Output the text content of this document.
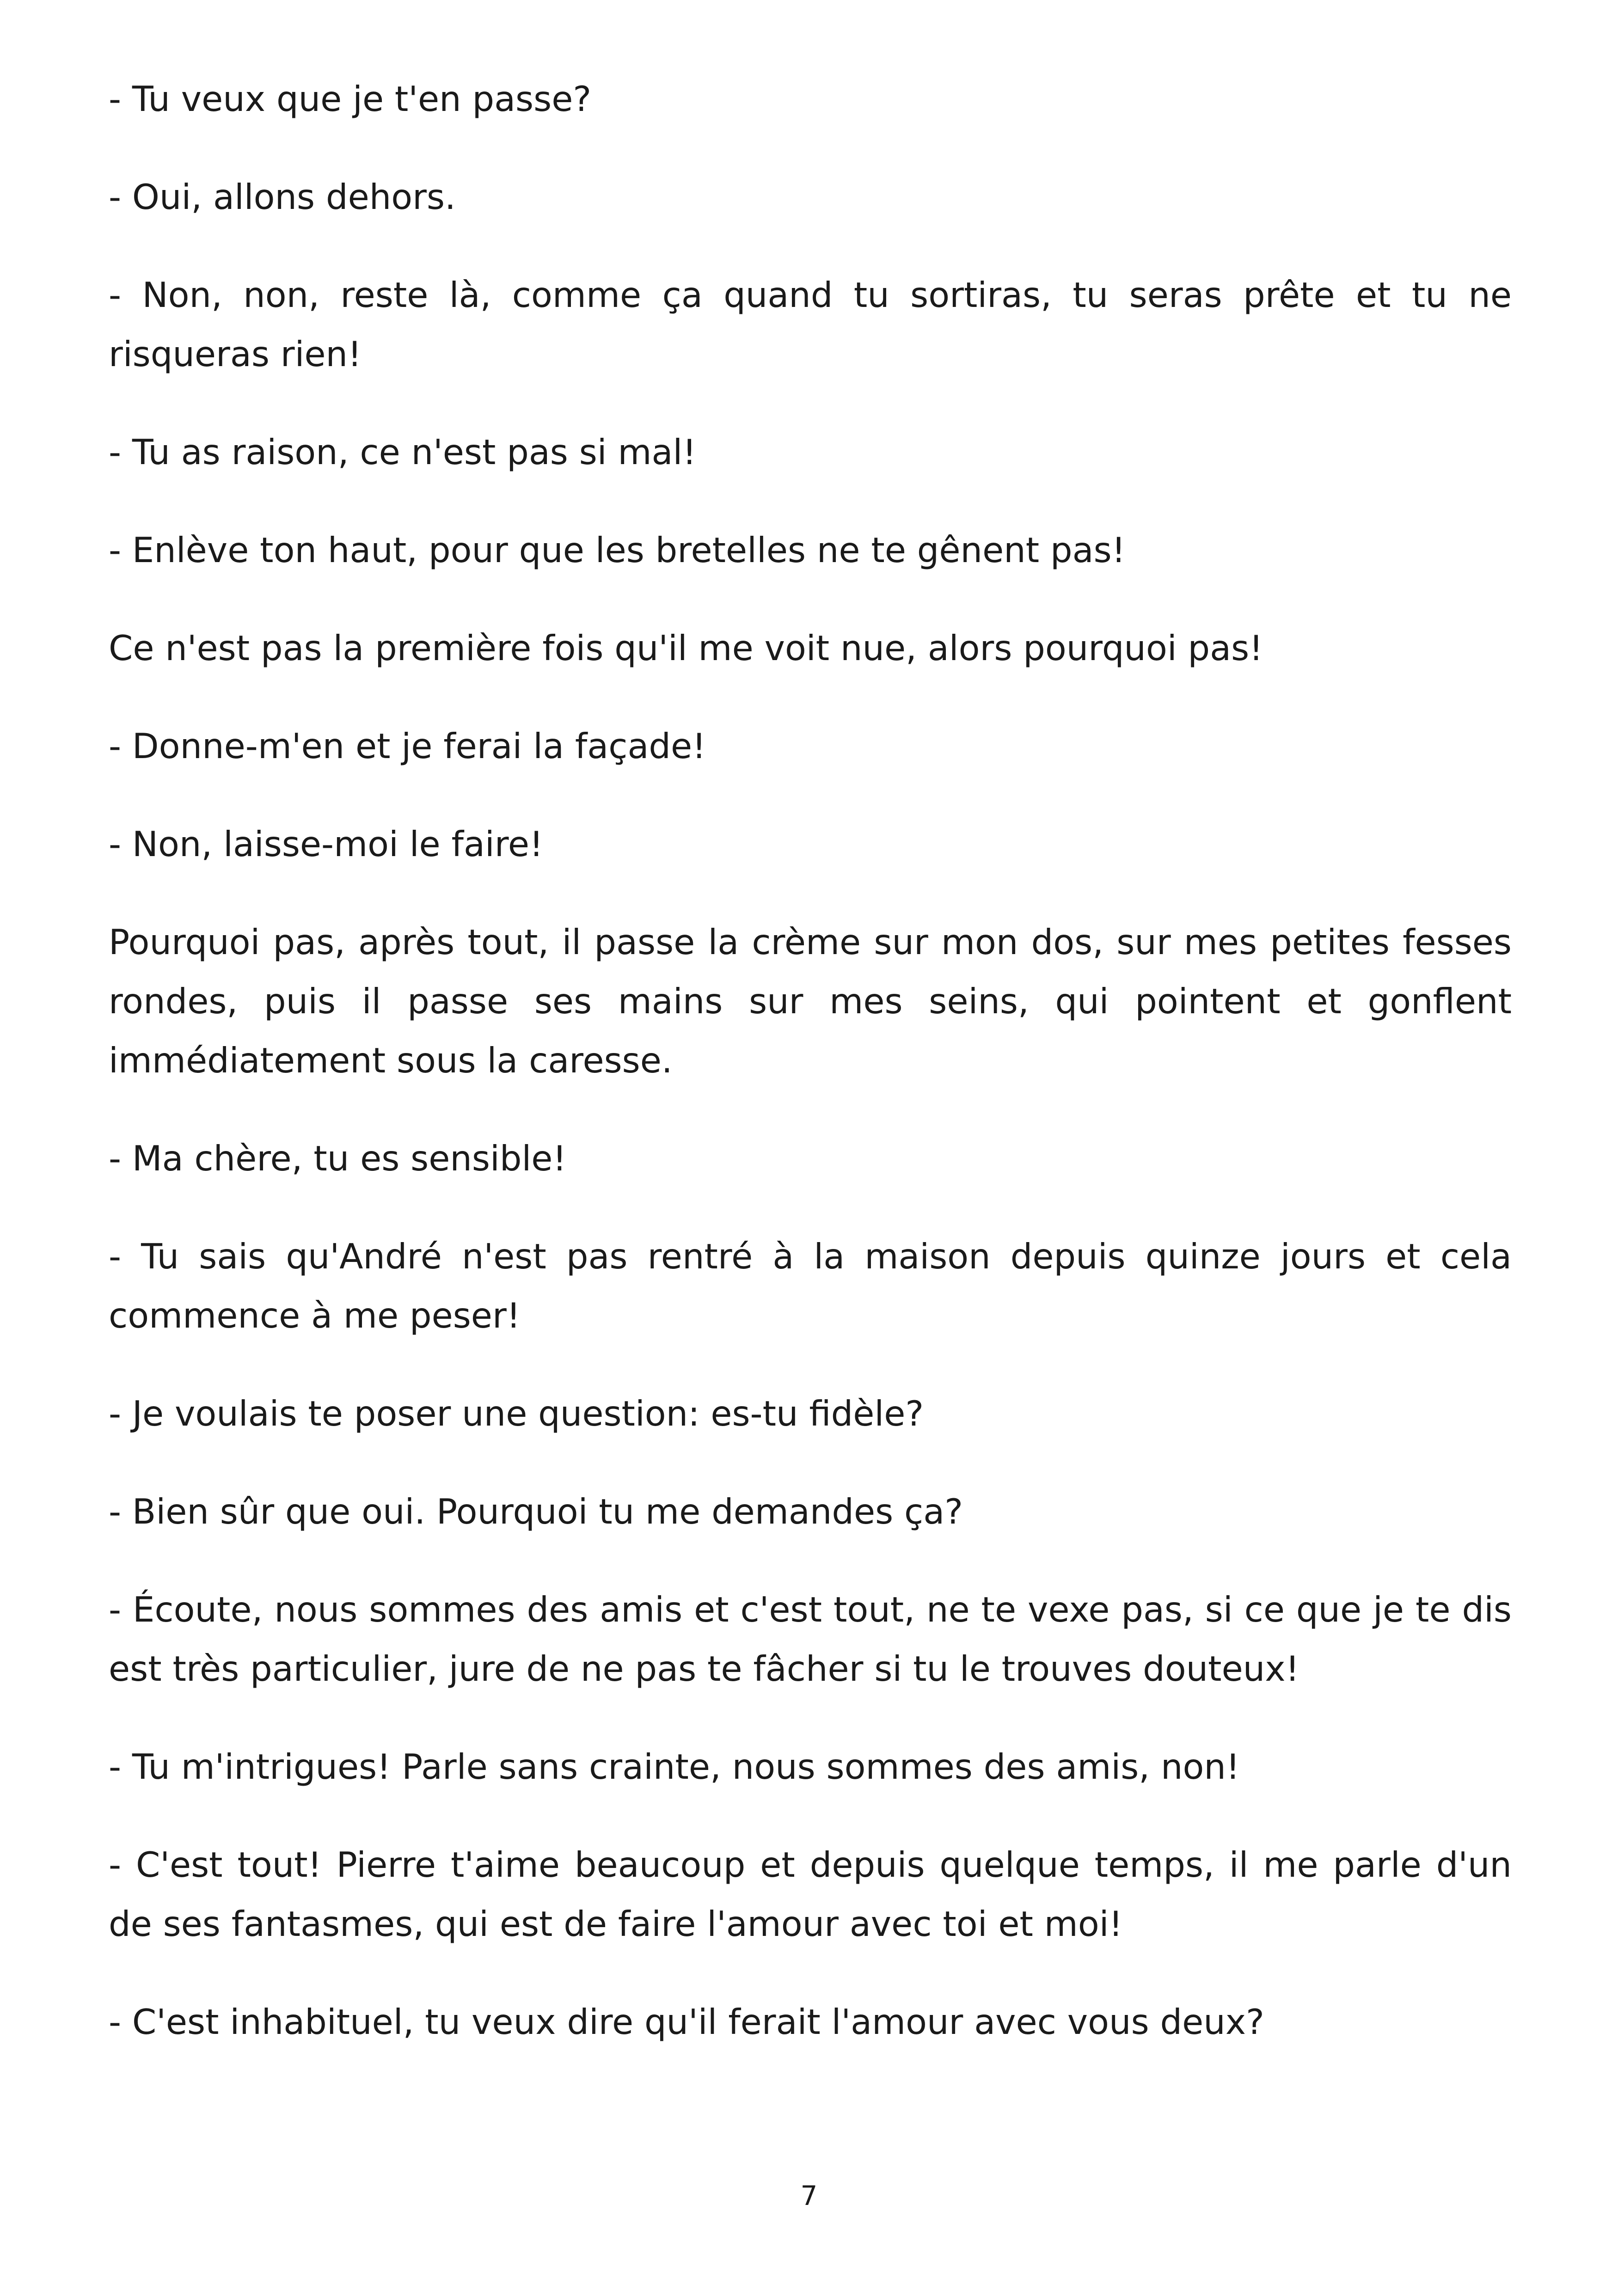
- Tu veux que je t'en passe?

- Oui, allons dehors.

- Non, non, reste là, comme ça quand tu sortiras, tu seras prête et tu ne risqueras rien!

- Tu as raison, ce n'est pas si mal!

- Enlève ton haut, pour que les bretelles ne te gênent pas!

Ce n'est pas la première fois qu'il me voit nue, alors pourquoi pas!

- Donne-m'en et je ferai la façade!

- Non, laisse-moi le faire!

Pourquoi pas, après tout, il passe la crème sur mon dos, sur mes petites fesses rondes, puis il passe ses mains sur mes seins, qui pointent et gonflent immédiatement sous la caresse.

- Ma chère, tu es sensible!

- Tu sais qu'André n'est pas rentré à la maison depuis quinze jours et cela commence à me peser!

- Je voulais te poser une question: es-tu fidèle?

- Bien sûr que oui. Pourquoi tu me demandes ça?

- Écoute, nous sommes des amis et c'est tout, ne te vexe pas, si ce que je te dis est très particulier, jure de ne pas te fâcher si tu le trouves douteux!

- Tu m'intrigues! Parle sans crainte, nous sommes des amis, non!

- C'est tout! Pierre t'aime beaucoup et depuis quelque temps, il me parle d'un de ses fantasmes, qui est de faire l'amour avec toi et moi!

- C'est inhabituel, tu veux dire qu'il ferait l'amour avec vous deux?

7
